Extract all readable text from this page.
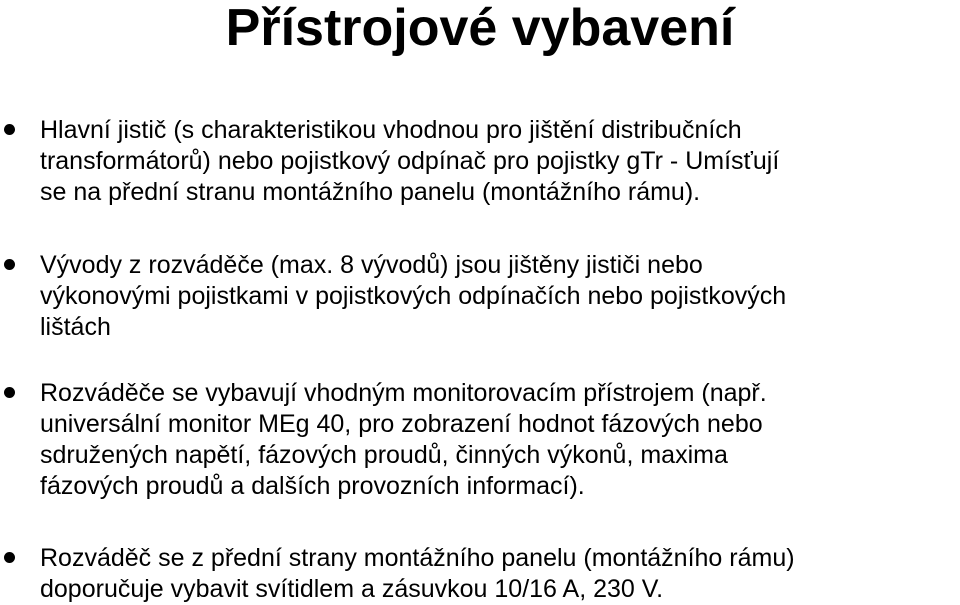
Přístrojové vybavení
Hlavní jistič (s charakteristikou vhodnou pro jištění distribučních
transformátorů) nebo pojistkový odpínač pro pojistky gTr - Umísťují
se na přední stranu montážního panelu (montážního rámu).
Vývody z rozváděče (max. 8 vývodů) jsou jištěny jističi nebo
výkonovými pojistkami v pojistkových odpínačích nebo pojistkových
lištách
Rozváděče se vybavují vhodným monitorovacím přístrojem (např.
universální monitor MEg 40, pro zobrazení hodnot fázových nebo
sdružených napětí, fázových proudů, činných výkonů, maxima
fázových proudů a dalších provozních informací).
Rozváděč se z přední strany montážního panelu (montážního rámu)
doporučuje vybavit svítidlem a zásuvkou 10/16 A, 230 V.
